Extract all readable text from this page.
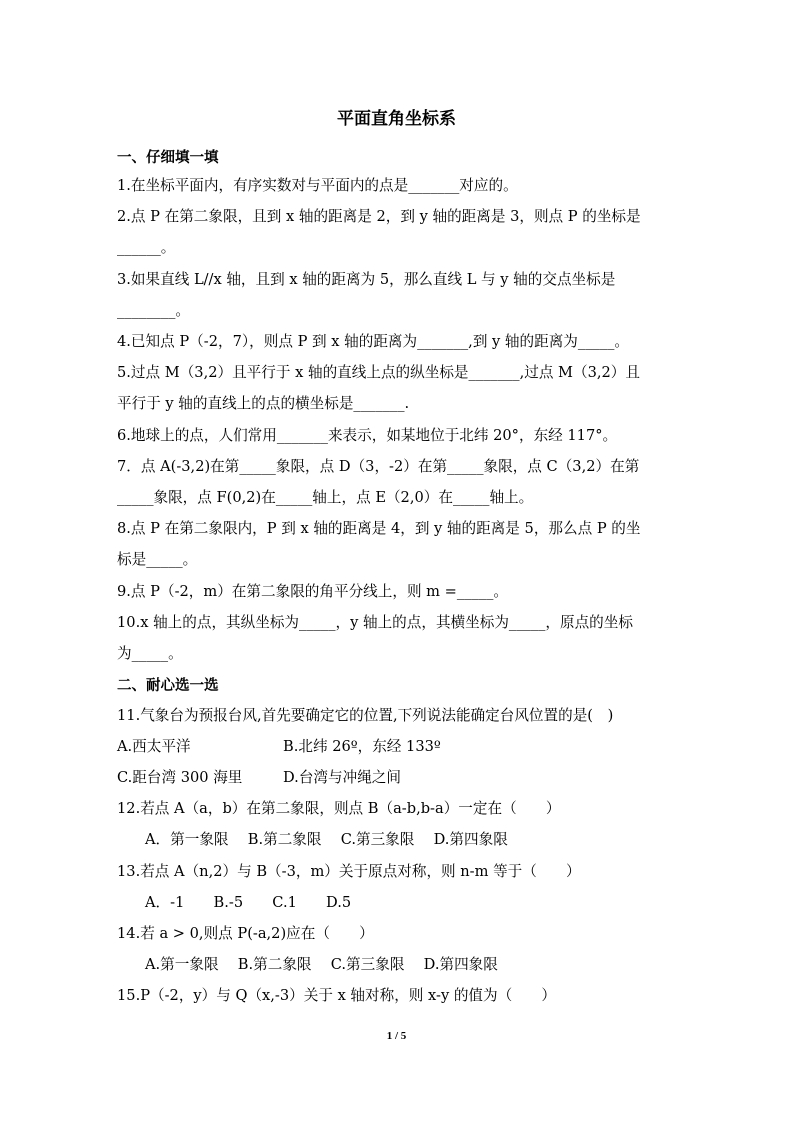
平面直角坐标系
一、仔细填一填
1.在坐标平面内，有序实数对与平面内的点是_______对应的。
2.点 P 在第二象限，且到 x 轴的距离是 2，到 y 轴的距离是 3，则点 P 的坐标是
______。
3.如果直线 L//x 轴，且到 x 轴的距离为 5，那么直线 L 与 y 轴的交点坐标是
________。
4.已知点 P（-2，7），则点 P 到 x 轴的距离为_______,到 y 轴的距离为_____。
5.过点 M（3,2）且平行于 x 轴的直线上点的纵坐标是_______,过点 M（3,2）且
平行于 y 轴的直线上的点的横坐标是_______.
6.地球上的点，人们常用_______来表示，如某地位于北纬 20°，东经 117°。
7．点 A(-3,2)在第_____象限，点 D（3，-2）在第_____象限，点 C（3,2）在第
_____象限，点 F(0,2)在_____轴上，点 E（2,0）在_____轴上。
8.点 P 在第二象限内，P 到 x 轴的距离是 4，到 y 轴的距离是 5，那么点 P 的坐
标是_____。
9.点 P（-2，m）在第二象限的角平分线上，则 m =_____。
10.x 轴上的点，其纵坐标为_____，y 轴上的点，其横坐标为_____，原点的坐标
为_____。
二、耐心选一选
11.气象台为预报台风,首先要确定它的位置,下列说法能确定台风位置的是(　)
A.西太平洋	B.北纬 26º，东经 133º
C.距台湾 300 海里	D.台湾与冲绳之间
12.若点 A（a，b）在第二象限，则点 B（a-b,b-a）一定在（　　）
A．第一象限　 B.第二象限　 C.第三象限　 D.第四象限
13.若点 A（n,2）与 B（-3，m）关于原点对称，则 n-m 等于（　　）
A．-1　　B.-5　　C.1　　D.5
14.若 a > 0,则点 P(-a,2)应在（　　）
A.第一象限　 B.第二象限　 C.第三象限　 D.第四象限
15.P（-2，y）与 Q（x,-3）关于 x 轴对称，则 x-y 的值为（　　）
1 / 5
